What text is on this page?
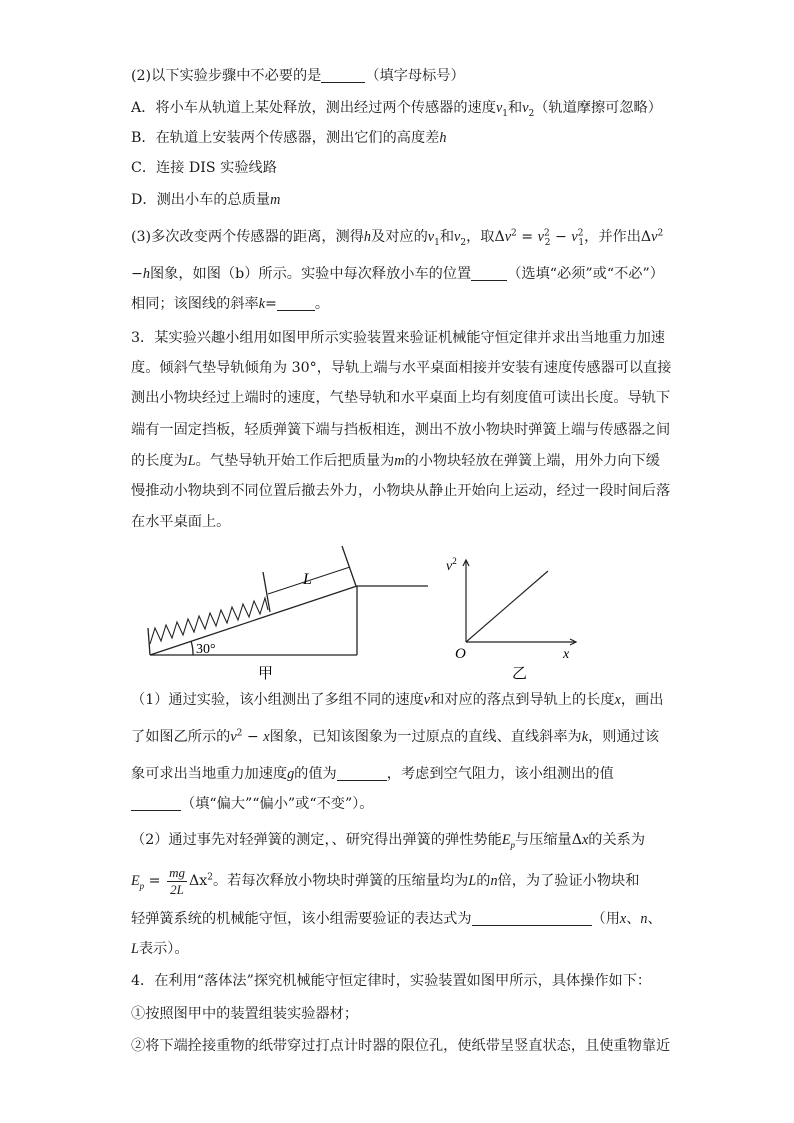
(2)以下实验步骤中不必要的是	（填字母标号）
A．将小车从轨道上某处释放，测出经过两个传感器的速度$v_1$和$v_2$（轨道摩擦可忽略）
B．在轨道上安装两个传感器，测出它们的高度差h
C．连接 DIS 实验线路
D．测出小车的总质量m
(3)多次改变两个传感器的距离，测得h及对应的$v_1$和$v_2$，取$\Delta v^2 = v^2_2 - v^2_1$，并作出$\Delta v^2$
−h图象，如图（b）所示。实验中每次释放小车的位置	（选填“必须”或“不必”）
相同；该图线的斜率k=	。
3．某实验兴趣小组用如图甲所示实验装置来验证机械能守恒定律并求出当地重力加速
度。倾斜气垫导轨倾角为 30°，导轨上端与水平桌面相接并安装有速度传感器可以直接
测出小物块经过上端时的速度，气垫导轨和水平桌面上均有刻度值可读出长度。导轨下
端有一固定挡板，轻质弹簧下端与挡板相连，测出不放小物块时弹簧上端与传感器之间
的长度为L。气垫导轨开始工作后把质量为m的小物块轻放在弹簧上端，用外力向下缓
慢推动小物块到不同位置后撤去外力，小物块从静止开始向上运动，经过一段时间后落
在水平桌面上。
L
30°
甲
$v^2$
x
O
乙
（1）通过实验，该小组测出了多组不同的速度v和对应的落点到导轨上的长度x，画出
了如图乙所示的$v^2 - x$图象，已知该图象为一过原点的直线、直线斜率为k，则通过该
象可求出当地重力加速度g的值为	，考虑到空气阻力，该小组测出的值
（填“偏大”“偏小”或“不变”）。
（2）通过事先对轻弹簧的测定，、研究得出弹簧的弹性势能$E_p$与压缩量Δx的关系为
$E_p = \frac{mg}{2L} \Delta x^2$。若每次释放小物块时弹簧的压缩量均为L的n倍，为了验证小物块和
轻弹簧系统的机械能守恒，该小组需要验证的表达式为	（用x、n、
L表示）。
4．在利用“落体法”探究机械能守恒定律时，实验装置如图甲所示，具体操作如下：
①按照图甲中的装置组装实验器材；
②将下端拴接重物的纸带穿过打点计时器的限位孔，使纸带呈竖直状态，且使重物靠近
